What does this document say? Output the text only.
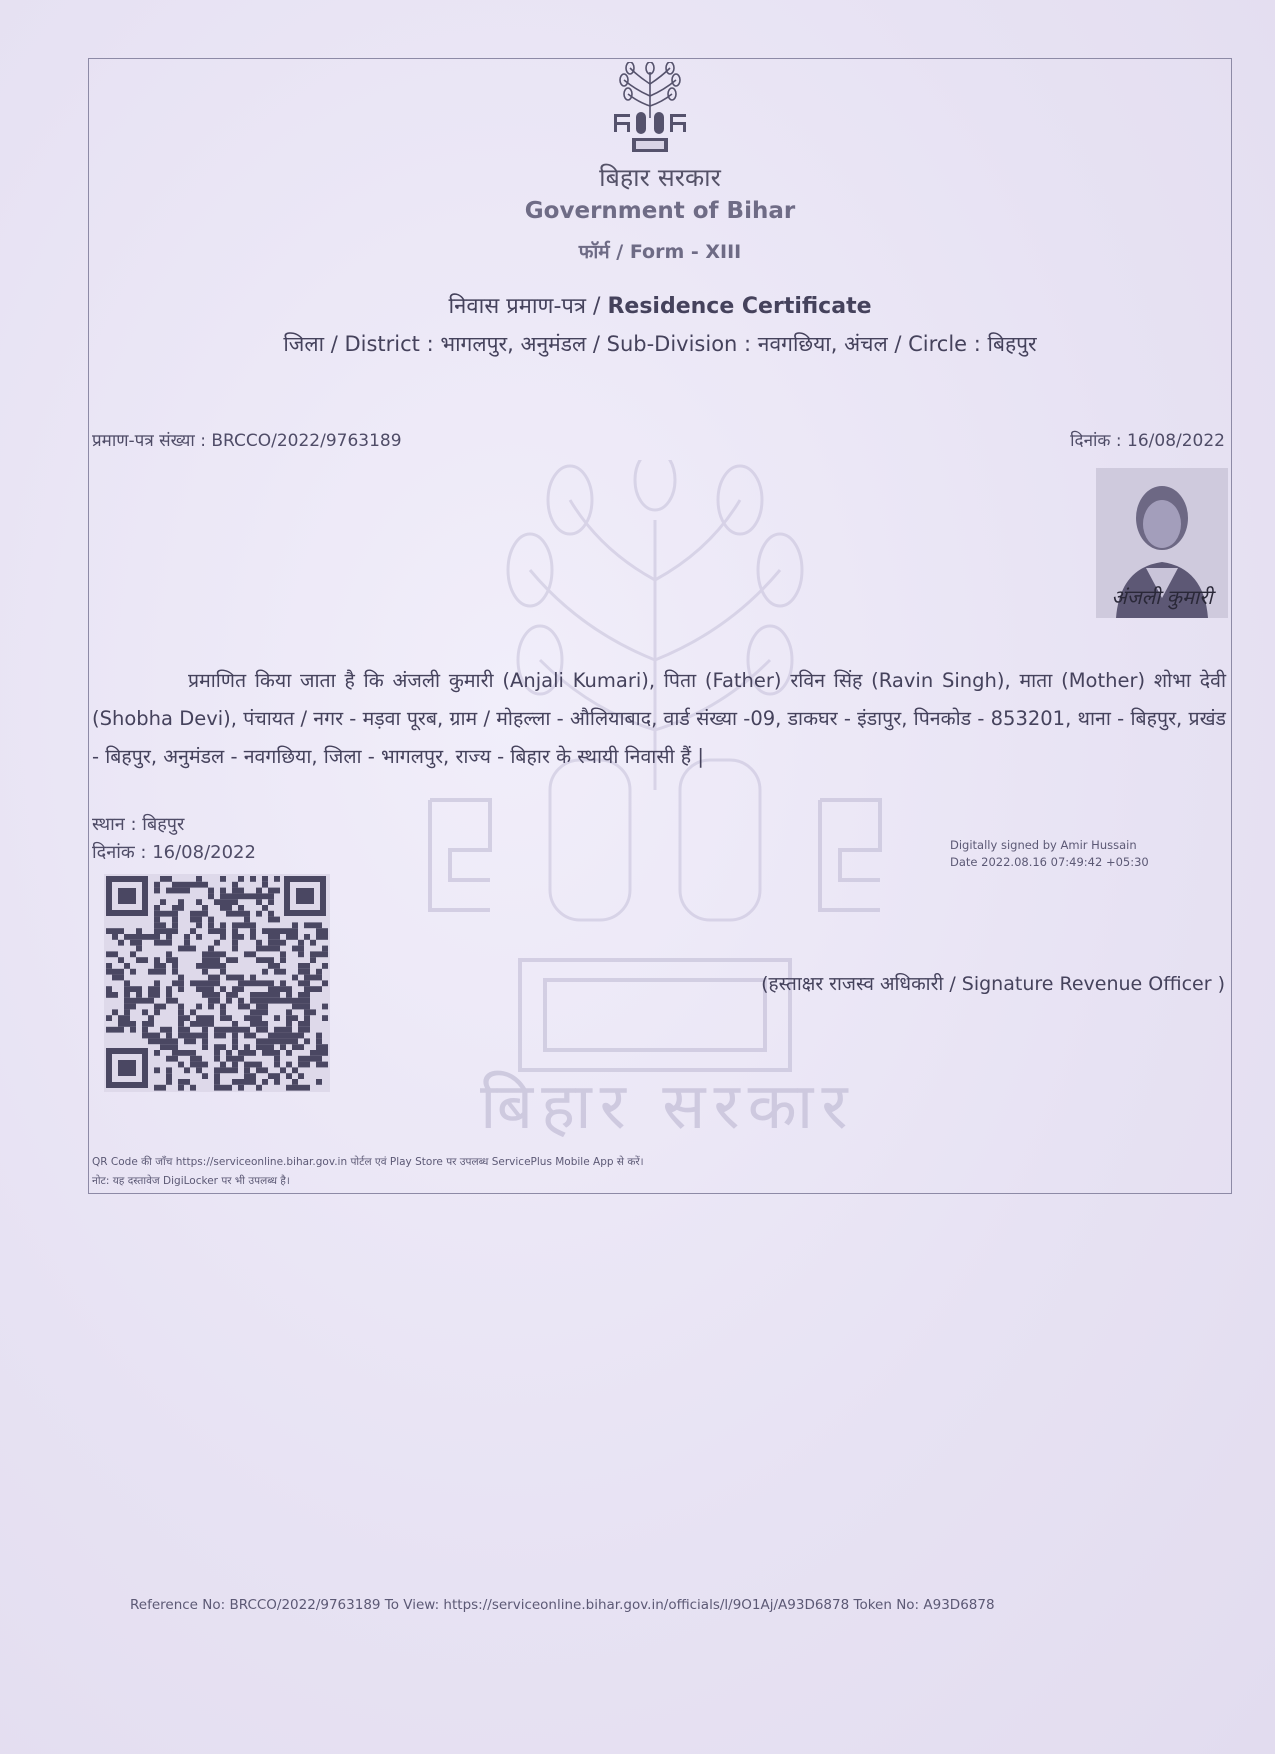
बिहार सरकार
बिहार सरकार
Government of Bihar
फॉर्म / Form - XIII
निवास प्रमाण-पत्र / Residence Certificate
जिला / District : भागलपुर, अनुमंडल / Sub-Division : नवगछिया, अंचल / Circle : बिहपुर
प्रमाण-पत्र संख्या : BRCCO/2022/9763189	दिनांक : 16/08/2022
अंजली कुमारी
प्रमाणित किया जाता है कि अंजली कुमारी (Anjali Kumari), पिता (Father) रविन सिंह (Ravin Singh), माता (Mother) शोभा देवी (Shobha Devi), पंचायत / नगर - मड़वा पूरब, ग्राम / मोहल्ला - औलियाबाद, वार्ड संख्या -09, डाकघर - इंडापुर, पिनकोड - 853201, थाना - बिहपुर, प्रखंड - बिहपुर, अनुमंडल - नवगछिया, जिला - भागलपुर, राज्य - बिहार के स्थायी निवासी हैं |
स्थान : बिहपुर
दिनांक : 16/08/2022	Digitally signed by Amir Hussain
Date 2022.08.16 07:49:42 +05:30
(हस्ताक्षर राजस्व अधिकारी / Signature Revenue Officer )
QR Code की जाँच https://serviceonline.bihar.gov.in पोर्टल एवं Play Store पर उपलब्ध ServicePlus Mobile App से करें।
नोट: यह दस्तावेज DigiLocker पर भी उपलब्ध है।
Reference No: BRCCO/2022/9763189 To View: https://serviceonline.bihar.gov.in/officials/l/9O1Aj/A93D6878 Token No: A93D6878
